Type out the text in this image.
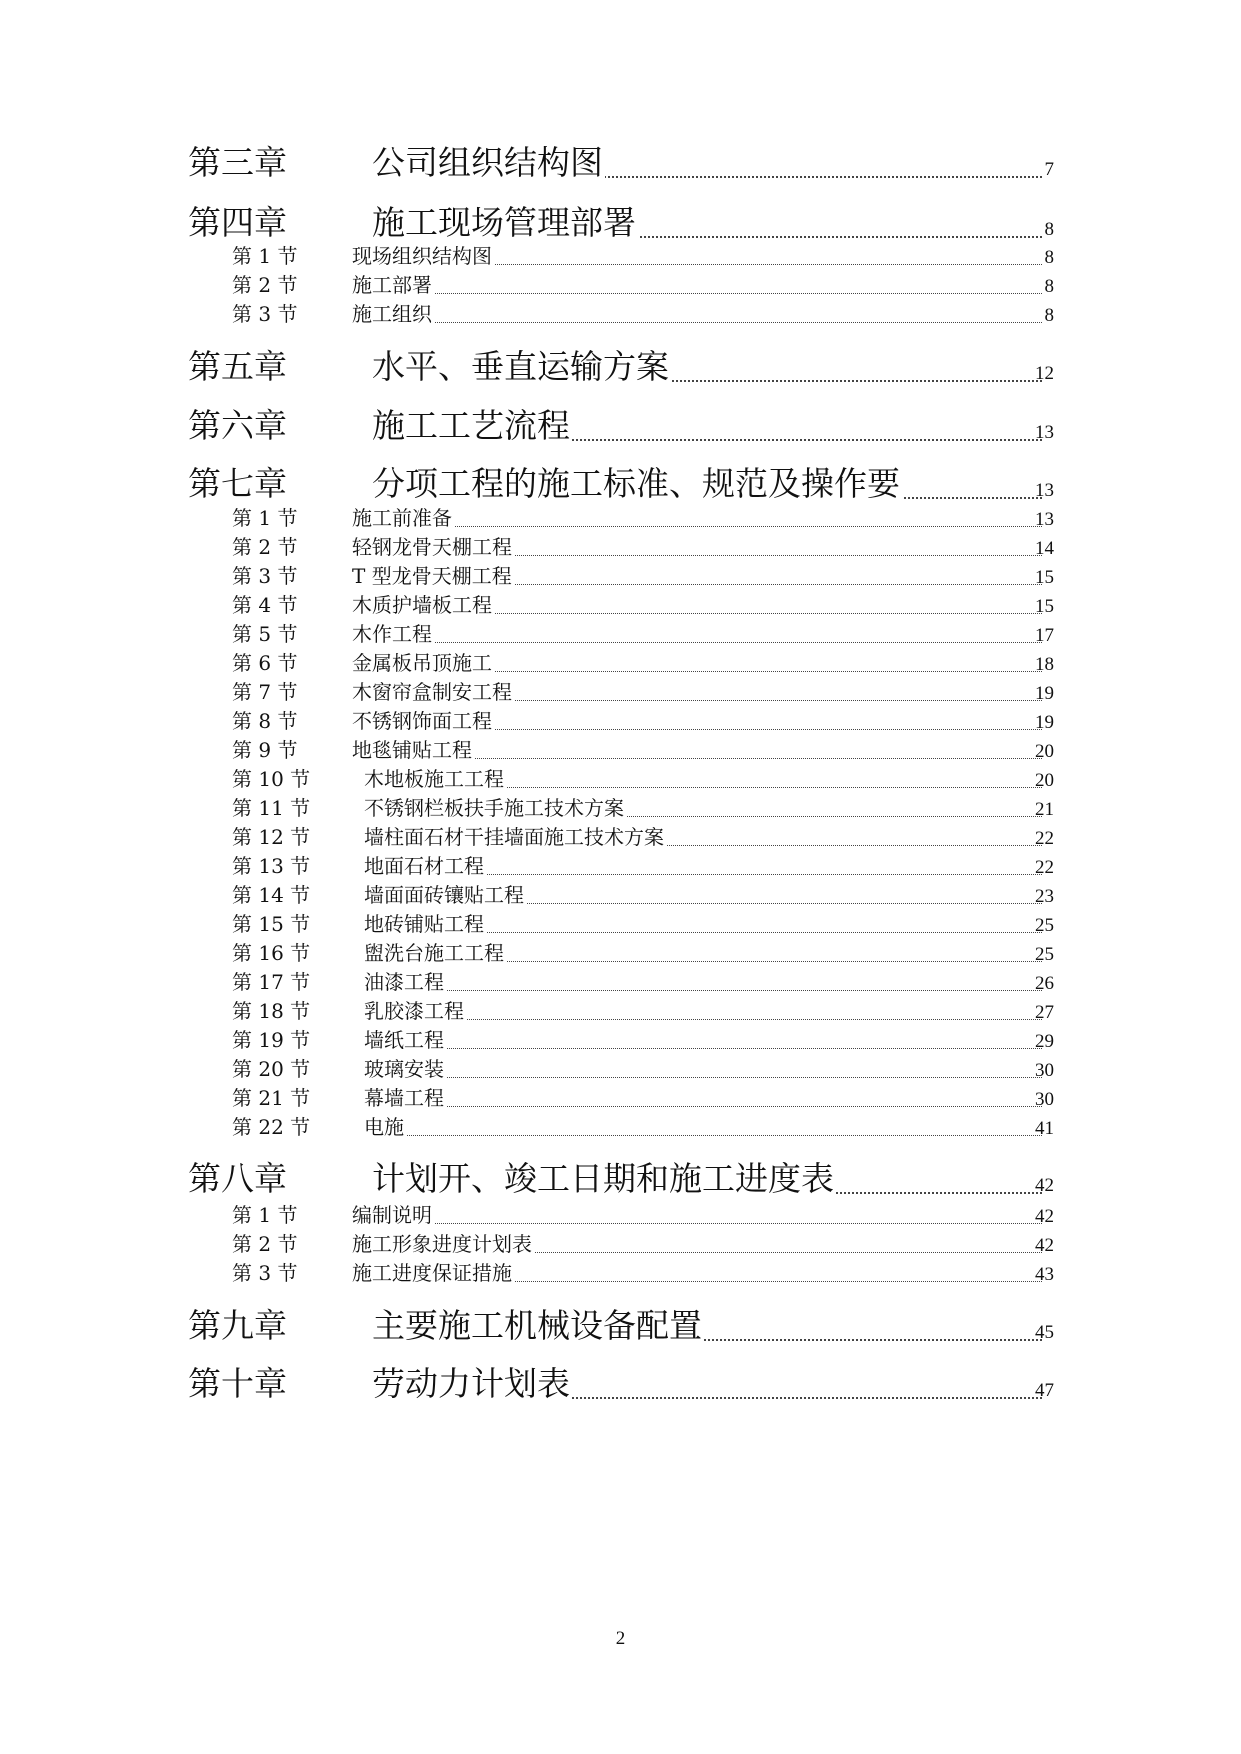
第三章	公司组织结构图	7
第四章	施工现场管理部署	8
第 1 节	现场组织结构图	8
第 2 节	施工部署	8
第 3 节	施工组织	8
第五章	水平、垂直运输方案	12
第六章	施工工艺流程	13
第七章	分项工程的施工标准、规范及操作要	13
第 1 节	施工前准备	13
第 2 节	轻钢龙骨天棚工程	14
第 3 节	T 型龙骨天棚工程	15
第 4 节	木质护墙板工程	15
第 5 节	木作工程	17
第 6 节	金属板吊顶施工	18
第 7 节	木窗帘盒制安工程	19
第 8 节	不锈钢饰面工程	19
第 9 节	地毯铺贴工程	20
第 10 节	木地板施工工程	20
第 11 节	不锈钢栏板扶手施工技术方案	21
第 12 节	墙柱面石材干挂墙面施工技术方案	22
第 13 节	地面石材工程	22
第 14 节	墙面面砖镶贴工程	23
第 15 节	地砖铺贴工程	25
第 16 节	盥洗台施工工程	25
第 17 节	油漆工程	26
第 18 节	乳胶漆工程	27
第 19 节	墙纸工程	29
第 20 节	玻璃安装	30
第 21 节	幕墙工程	30
第 22 节	电施	41
第八章	计划开、竣工日期和施工进度表	42
第 1 节	编制说明	42
第 2 节	施工形象进度计划表	42
第 3 节	施工进度保证措施	43
第九章	主要施工机械设备配置	45
第十章	劳动力计划表	47
2
